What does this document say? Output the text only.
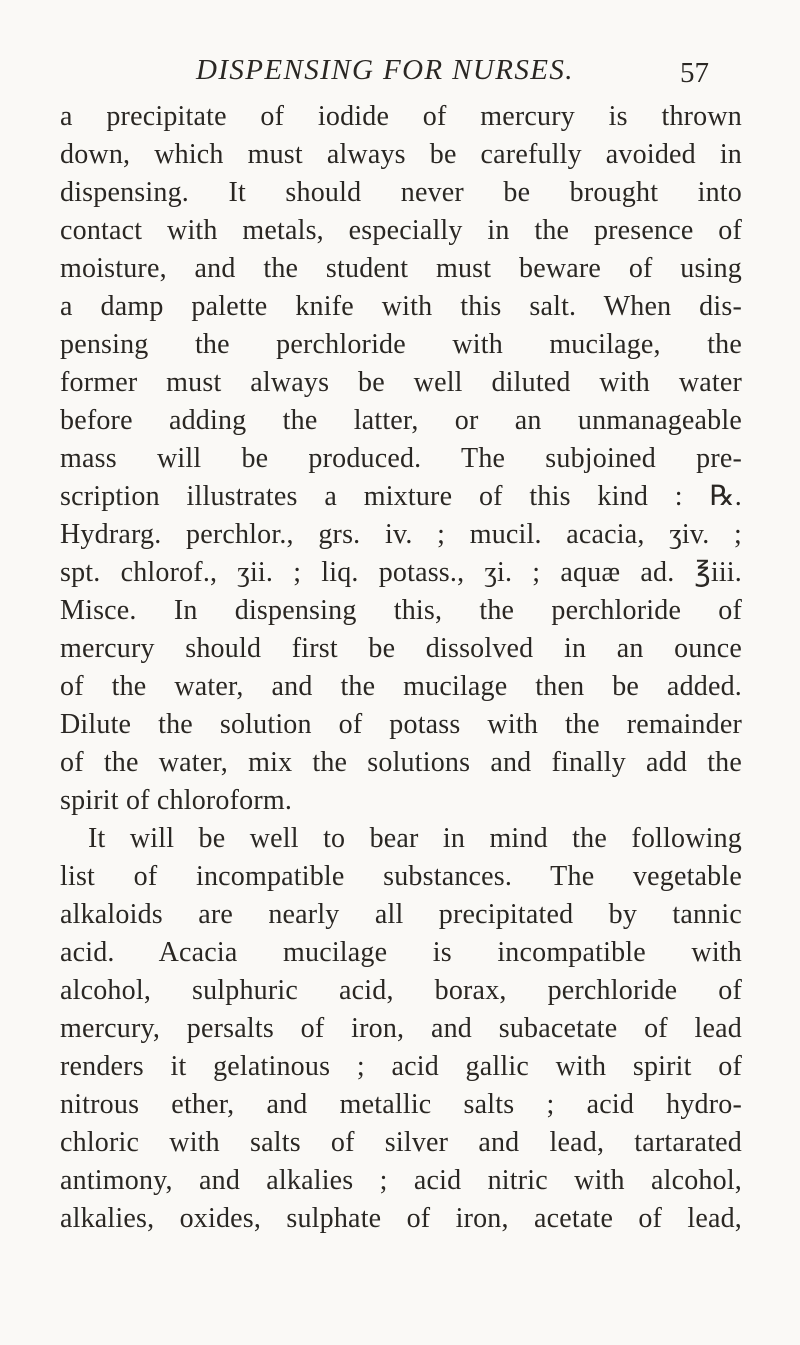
DISPENSING FOR NURSES.	57
a precipitate of iodide of mercury is thrown
down, which must always be carefully avoided in
dispensing. It should never be brought into
contact with metals, especially in the presence of
moisture, and the student must beware of using
a damp palette knife with this salt. When dis-
pensing the perchloride with mucilage, the
former must always be well diluted with water
before adding the latter, or an unmanageable
mass will be produced. The subjoined pre-
scription illustrates a mixture of this kind : ℞.
Hydrarg. perchlor., grs. iv. ; mucil. acacia, ʒiv. ;
spt. chlorof., ʒii. ; liq. potass., ʒi. ; aquæ ad. ℥iii.
Misce. In dispensing this, the perchloride of
mercury should first be dissolved in an ounce
of the water, and the mucilage then be added.
Dilute the solution of potass with the remainder
of the water, mix the solutions and finally add the
spirit of chloroform.
It will be well to bear in mind the following
list of incompatible substances. The vegetable
alkaloids are nearly all precipitated by tannic
acid. Acacia mucilage is incompatible with
alcohol, sulphuric acid, borax, perchloride of
mercury, persalts of iron, and subacetate of lead
renders it gelatinous ; acid gallic with spirit of
nitrous ether, and metallic salts ; acid hydro-
chloric with salts of silver and lead, tartarated
antimony, and alkalies ; acid nitric with alcohol,
alkalies, oxides, sulphate of iron, acetate of lead,
